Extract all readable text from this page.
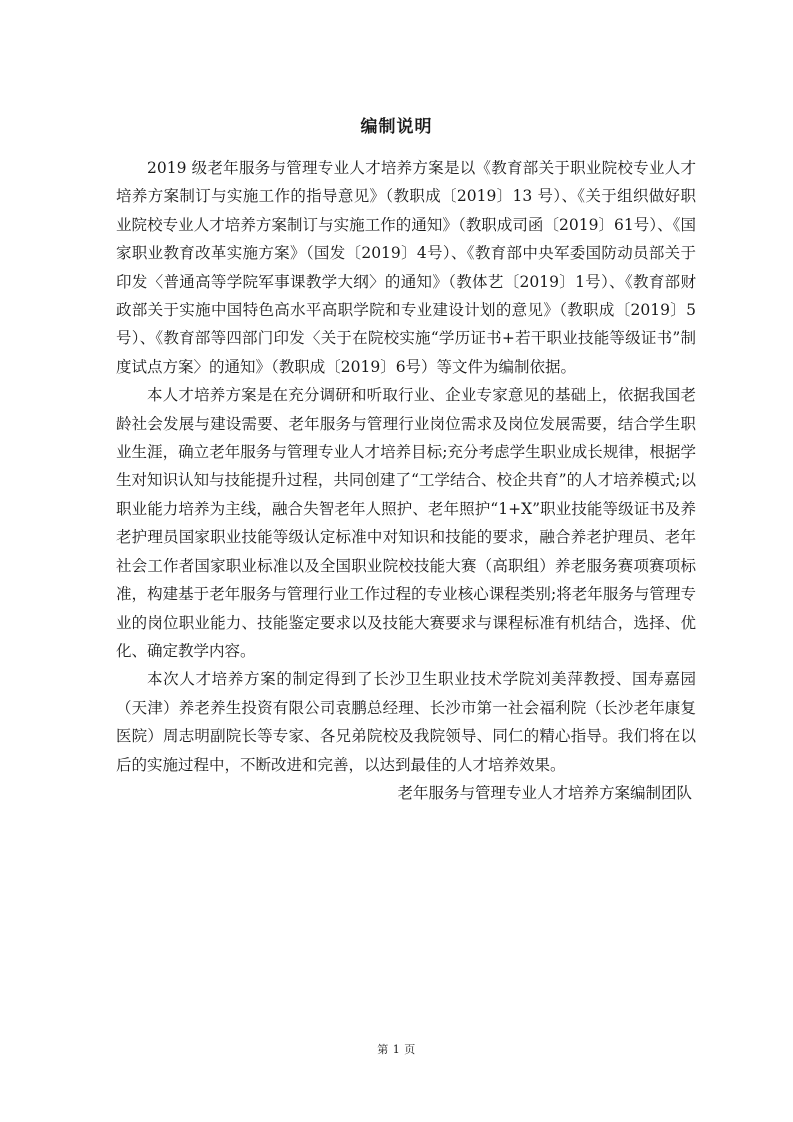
编制说明

2019 级老年服务与管理专业人才培养方案是以《教育部关于职业院校专业人才培养方案制订与实施工作的指导意见》（教职成〔2019〕13 号）、《关于组织做好职业院校专业人才培养方案制订与实施工作的通知》（教职成司函〔2019〕61号）、《国家职业教育改革实施方案》（国发〔2019〕4号）、《教育部中央军委国防动员部关于印发〈普通高等学院军事课教学大纲〉的通知》（教体艺〔2019〕1号）、《教育部财政部关于实施中国特色高水平高职学院和专业建设计划的意见》（教职成〔2019〕5 号）、《教育部等四部门印发〈关于在院校实施“学历证书+若干职业技能等级证书”制度试点方案〉的通知》（教职成〔2019〕6号）等文件为编制依据。

本人才培养方案是在充分调研和听取行业、企业专家意见的基础上，依据我国老龄社会发展与建设需要、老年服务与管理行业岗位需求及岗位发展需要，结合学生职业生涯，确立老年服务与管理专业人才培养目标;充分考虑学生职业成长规律，根据学生对知识认知与技能提升过程，共同创建了“工学结合、校企共育”的人才培养模式;以职业能力培养为主线，融合失智老年人照护、老年照护“1+X”职业技能等级证书及养老护理员国家职业技能等级认定标准中对知识和技能的要求，融合养老护理员、老年社会工作者国家职业标准以及全国职业院校技能大赛（高职组）养老服务赛项赛项标准，构建基于老年服务与管理行业工作过程的专业核心课程类别;将老年服务与管理专业的岗位职业能力、技能鉴定要求以及技能大赛要求与课程标准有机结合，选择、优化、确定教学内容。

本次人才培养方案的制定得到了长沙卫生职业技术学院刘美萍教授、国寿嘉园（天津）养老养生投资有限公司袁鹏总经理、长沙市第一社会福利院（长沙老年康复医院）周志明副院长等专家、各兄弟院校及我院领导、同仁的精心指导。我们将在以后的实施过程中，不断改进和完善，以达到最佳的人才培养效果。

老年服务与管理专业人才培养方案编制团队

第 1 页
